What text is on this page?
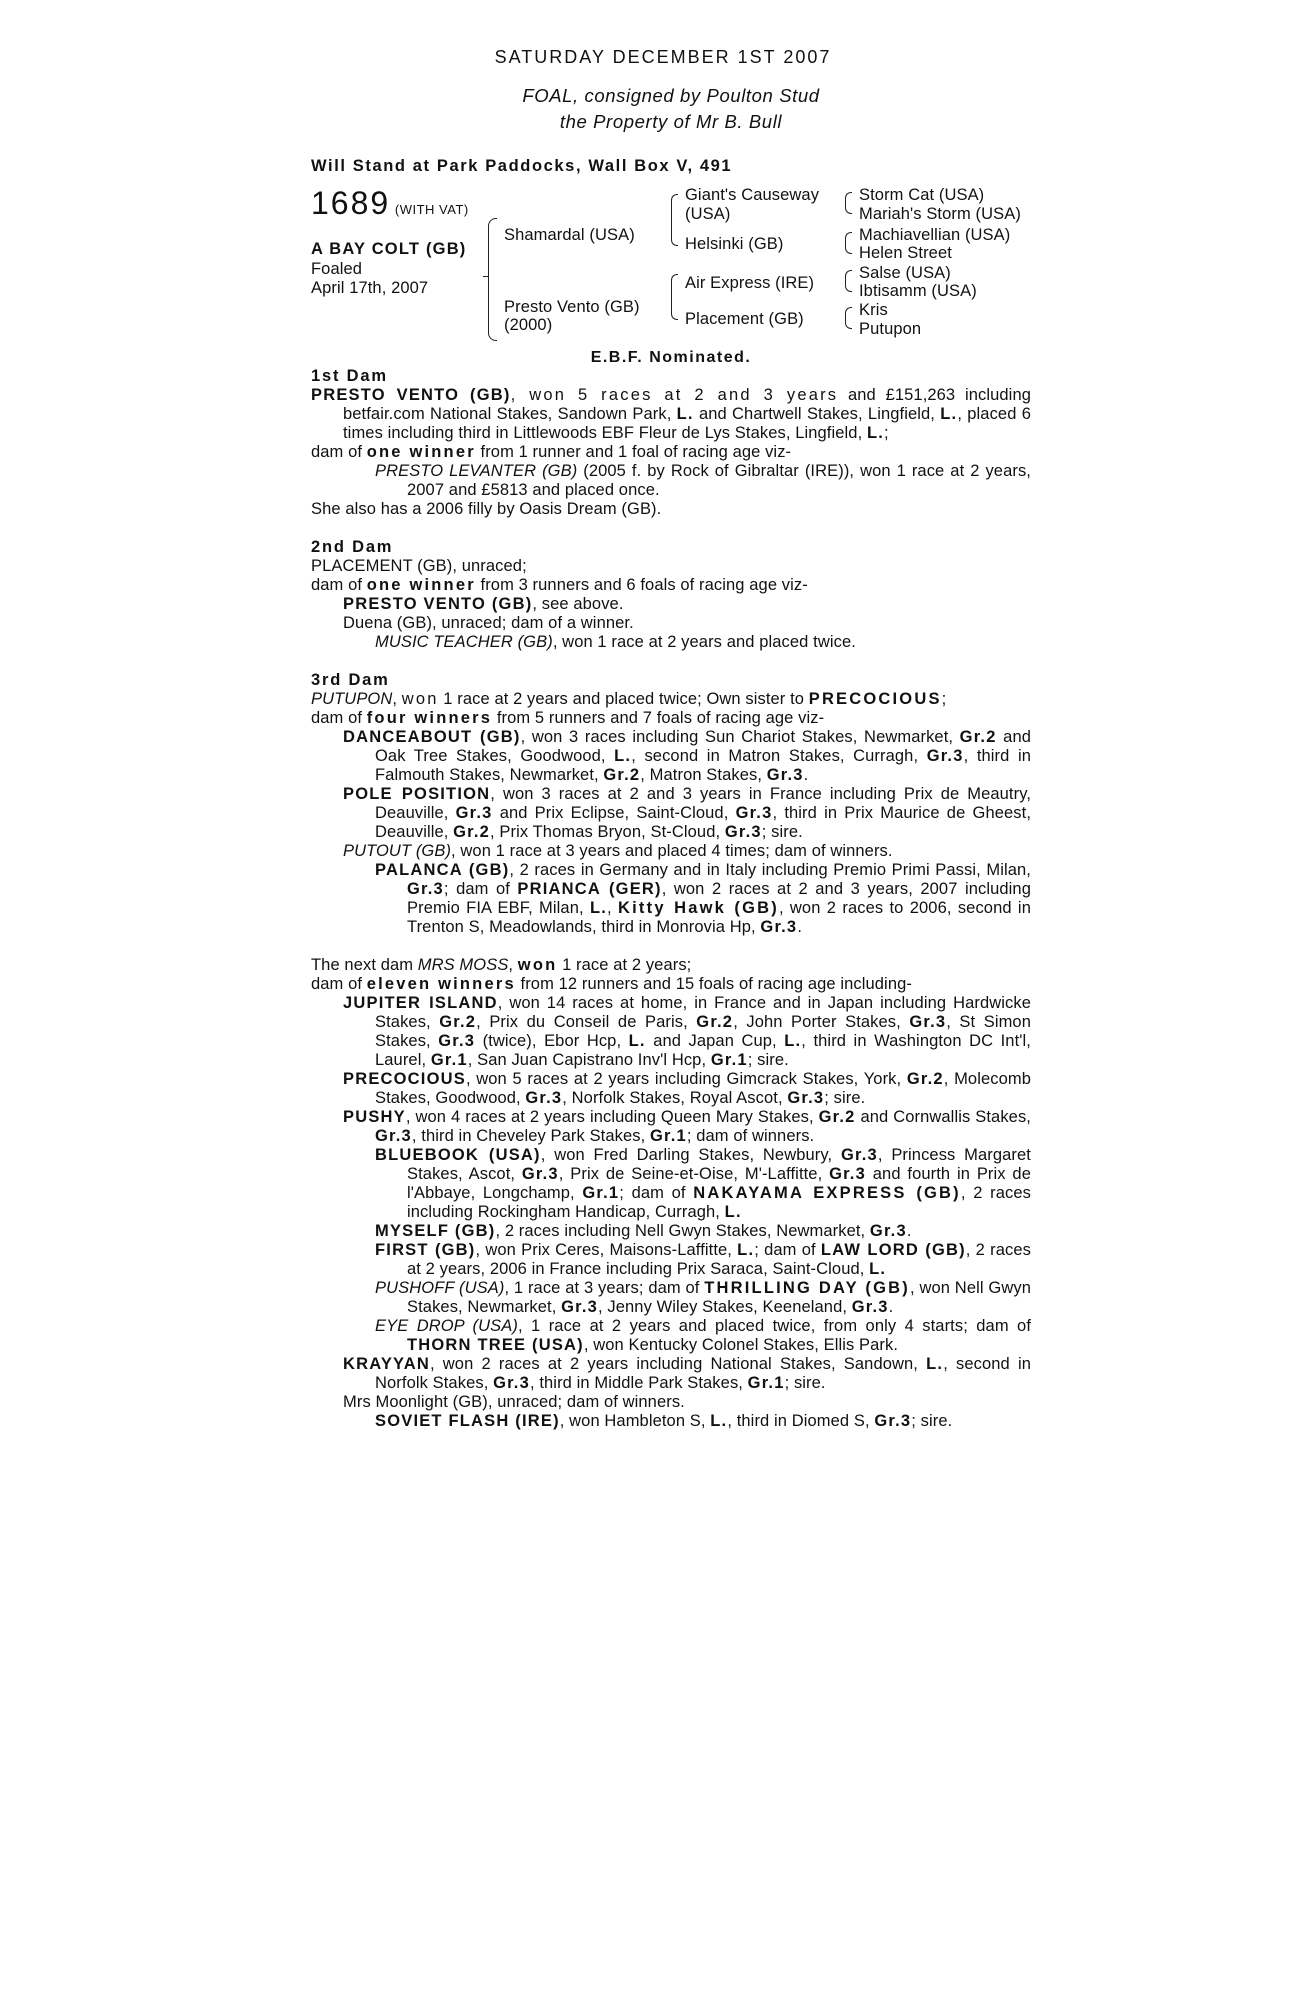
SATURDAY DECEMBER 1ST 2007
FOAL, consigned by Poulton Stud
the Property of Mr B. Bull
Will Stand at Park Paddocks, Wall Box V, 491
1689 (WITH VAT)
A BAY COLT (GB)
Foaled
April 17th, 2007
Shamardal (USA)
Presto Vento (GB)
(2000)
Giant's Causeway
(USA)
Helsinki (GB)
Air Express (IRE)
Placement (GB)
Storm Cat (USA)
Mariah's Storm (USA)
Machiavellian (USA)
Helen Street
Salse (USA)
Ibtisamm (USA)
Kris
Putupon
E.B.F. Nominated.
1st Dam
PRESTO VENTO (GB), won 5 races at 2 and 3 years and £151,263 including betfair.com National Stakes, Sandown Park, L. and Chartwell Stakes, Lingfield, L., placed 6 times including third in Littlewoods EBF Fleur de Lys Stakes, Lingfield, L.;
dam of one winner from 1 runner and 1 foal of racing age viz-
PRESTO LEVANTER (GB) (2005 f. by Rock of Gibraltar (IRE)), won 1 race at 2 years, 2007 and £5813 and placed once.
She also has a 2006 filly by Oasis Dream (GB).
2nd Dam
PLACEMENT (GB), unraced;
dam of one winner from 3 runners and 6 foals of racing age viz-
PRESTO VENTO (GB), see above.
Duena (GB), unraced; dam of a winner.
MUSIC TEACHER (GB), won 1 race at 2 years and placed twice.
3rd Dam
PUTUPON, won 1 race at 2 years and placed twice; Own sister to PRECOCIOUS;
dam of four winners from 5 runners and 7 foals of racing age viz-
DANCEABOUT (GB), won 3 races including Sun Chariot Stakes, Newmarket, Gr.2 and Oak Tree Stakes, Goodwood, L., second in Matron Stakes, Curragh, Gr.3, third in Falmouth Stakes, Newmarket, Gr.2, Matron Stakes, Gr.3.
POLE POSITION, won 3 races at 2 and 3 years in France including Prix de Meautry, Deauville, Gr.3 and Prix Eclipse, Saint-Cloud, Gr.3, third in Prix Maurice de Gheest, Deauville, Gr.2, Prix Thomas Bryon, St-Cloud, Gr.3; sire.
PUTOUT (GB), won 1 race at 3 years and placed 4 times; dam of winners.
PALANCA (GB), 2 races in Germany and in Italy including Premio Primi Passi, Milan, Gr.3; dam of PRIANCA (GER), won 2 races at 2 and 3 years, 2007 including Premio FIA EBF, Milan, L., Kitty Hawk (GB), won 2 races to 2006, second in Trenton S, Meadowlands, third in Monrovia Hp, Gr.3.
The next dam MRS MOSS, won 1 race at 2 years;
dam of eleven winners from 12 runners and 15 foals of racing age including-
JUPITER ISLAND, won 14 races at home, in France and in Japan including Hardwicke Stakes, Gr.2, Prix du Conseil de Paris, Gr.2, John Porter Stakes, Gr.3, St Simon Stakes, Gr.3 (twice), Ebor Hcp, L. and Japan Cup, L., third in Washington DC Int'l, Laurel, Gr.1, San Juan Capistrano Inv'l Hcp, Gr.1; sire.
PRECOCIOUS, won 5 races at 2 years including Gimcrack Stakes, York, Gr.2, Molecomb Stakes, Goodwood, Gr.3, Norfolk Stakes, Royal Ascot, Gr.3; sire.
PUSHY, won 4 races at 2 years including Queen Mary Stakes, Gr.2 and Cornwallis Stakes, Gr.3, third in Cheveley Park Stakes, Gr.1; dam of winners.
BLUEBOOK (USA), won Fred Darling Stakes, Newbury, Gr.3, Princess Margaret Stakes, Ascot, Gr.3, Prix de Seine-et-Oise, M'-Laffitte, Gr.3 and fourth in Prix de l'Abbaye, Longchamp, Gr.1; dam of NAKAYAMA EXPRESS (GB), 2 races including Rockingham Handicap, Curragh, L.
MYSELF (GB), 2 races including Nell Gwyn Stakes, Newmarket, Gr.3.
FIRST (GB), won Prix Ceres, Maisons-Laffitte, L.; dam of LAW LORD (GB), 2 races at 2 years, 2006 in France including Prix Saraca, Saint-Cloud, L.
PUSHOFF (USA), 1 race at 3 years; dam of THRILLING DAY (GB), won Nell Gwyn Stakes, Newmarket, Gr.3, Jenny Wiley Stakes, Keeneland, Gr.3.
EYE DROP (USA), 1 race at 2 years and placed twice, from only 4 starts; dam of THORN TREE (USA), won Kentucky Colonel Stakes, Ellis Park.
KRAYYAN, won 2 races at 2 years including National Stakes, Sandown, L., second in Norfolk Stakes, Gr.3, third in Middle Park Stakes, Gr.1; sire.
Mrs Moonlight (GB), unraced; dam of winners.
SOVIET FLASH (IRE), won Hambleton S, L., third in Diomed S, Gr.3; sire.
